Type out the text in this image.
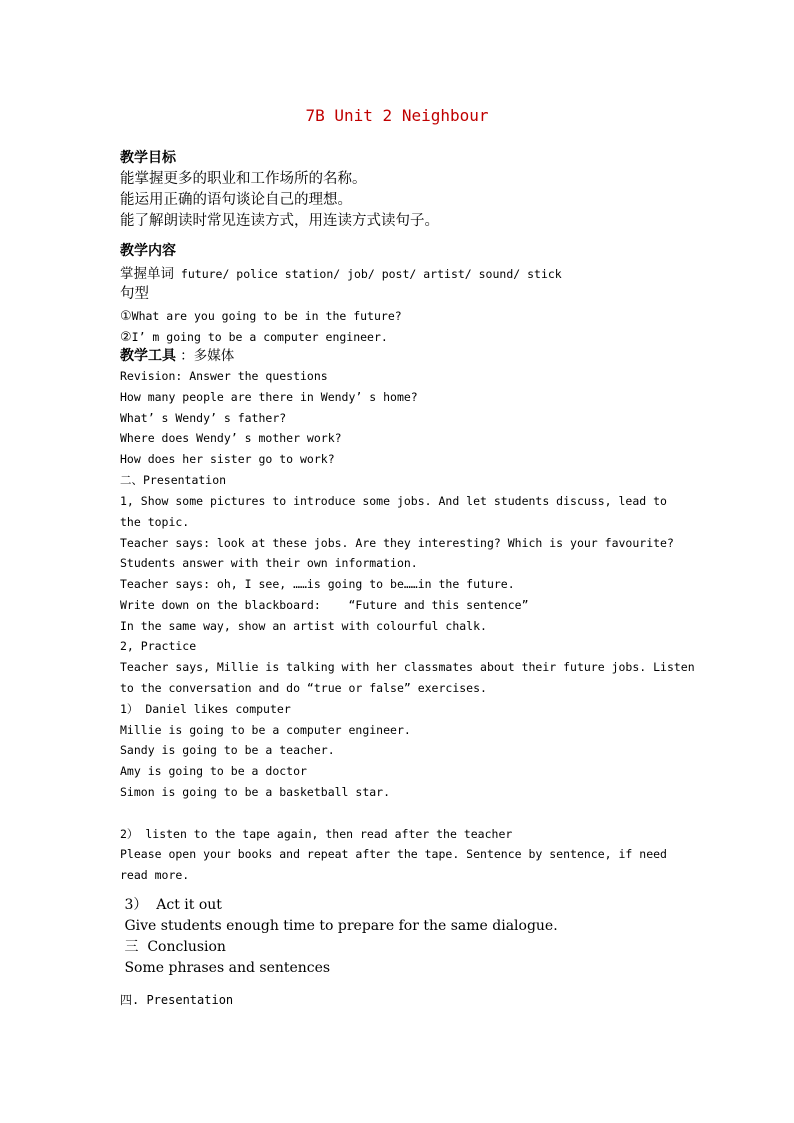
7B Unit 2 Neighbour
教学目标
能掌握更多的职业和工作场所的名称。
能运用正确的语句谈论自己的理想。
能了解朗读时常见连读方式，用连读方式读句子。
教学内容
掌握单词 future/ police station/ job/ post/ artist/ sound/ stick
句型
①What are you going to be in the future?
②I’ m going to be a computer engineer.
教学工具 ：多媒体
Revision: Answer the questions
How many people are there in Wendy’ s home?
What’ s Wendy’ s father?
Where does Wendy’ s mother work?
How does her sister go to work?
二、Presentation
1, Show some pictures to introduce some jobs. And let students discuss, lead to
the topic.
Teacher says: look at these jobs. Are they interesting? Which is your favourite?
Students answer with their own information.
Teacher says: oh, I see, ……is going to be……in the future.
Write down on the blackboard:    “Future and this sentence”
In the same way, show an artist with colourful chalk.
2, Practice
Teacher says, Millie is talking with her classmates about their future jobs. Listen
to the conversation and do “true or false” exercises.
1） Daniel likes computer
Millie is going to be a computer engineer.
Sandy is going to be a teacher.
Amy is going to be a doctor
Simon is going to be a basketball star.
2） listen to the tape again, then read after the teacher
Please open your books and repeat after the tape. Sentence by sentence, if need
read more.
3）  Act it out
Give students enough time to prepare for the same dialogue.
三  Conclusion
Some phrases and sentences
四. Presentation
